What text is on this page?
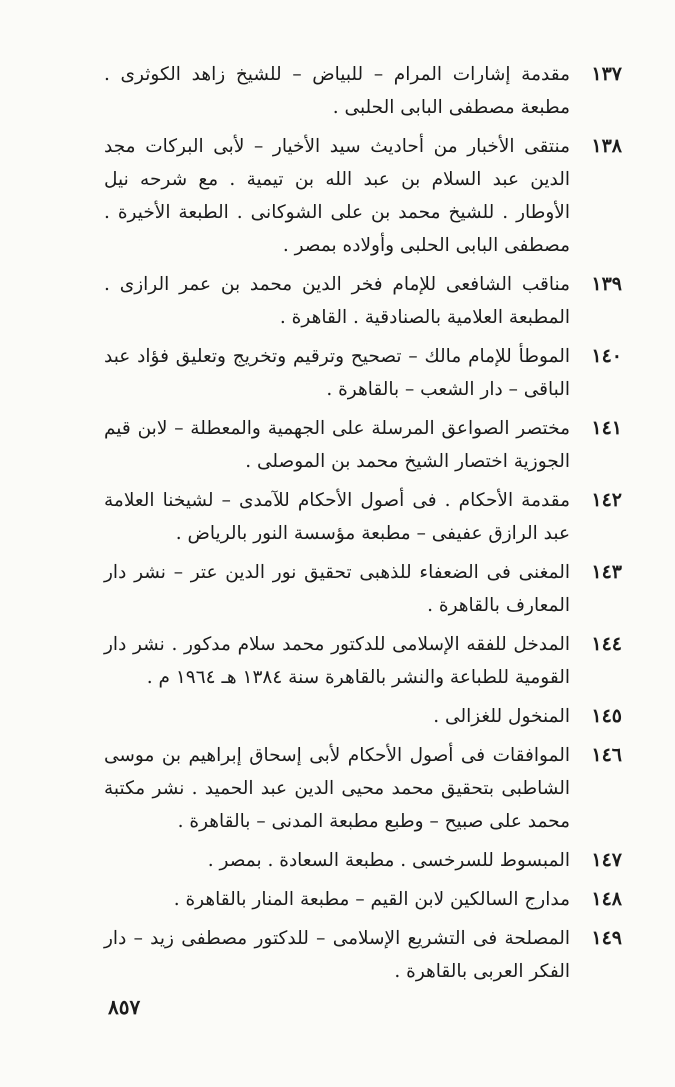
١٣٧
مقدمة إشارات المرام – للبياض – للشيخ زاهد الكوثرى . مطبعة مصطفى البابى الحلبى .
١٣٨
منتقى الأخبار من أحاديث سيد الأخيار – لأبى البركات مجد الدين عبد السلام بن عبد الله بن تيمية . مع شرحه نيل الأوطار . للشيخ محمد بن على الشوكانى . الطبعة الأخيرة . مصطفى البابى الحلبى وأولاده بمصر .
١٣٩
مناقب الشافعى للإمام فخر الدين محمد بن عمر الرازى . المطبعة العلامية بالصنادقية . القاهرة .
١٤٠
الموطأ للإمام مالك – تصحيح وترقيم وتخريج وتعليق فؤاد عبد الباقى – دار الشعب – بالقاهرة .
١٤١
مختصر الصواعق المرسلة على الجهمية والمعطلة – لابن قيم الجوزية اختصار الشيخ محمد بن الموصلى .
١٤٢
مقدمة الأحكام . فى أصول الأحكام للآمدى – لشيخنا العلامة عبد الرازق عفيفى – مطبعة مؤسسة النور بالرياض .
١٤٣
المغنى فى الضعفاء للذهبى تحقيق نور الدين عتر – نشر دار المعارف بالقاهرة .
١٤٤
المدخل للفقه الإسلامى للدكتور محمد سلام مدكور . نشر دار القومية للطباعة والنشر بالقاهرة سنة ١٣٨٤ هـ ١٩٦٤ م .
١٤٥
المنخول للغزالى .
١٤٦
الموافقات فى أصول الأحكام لأبى إسحاق إبراهيم بن موسى الشاطبى بتحقيق محمد محيى الدين عبد الحميد . نشر مكتبة محمد على صبيح – وطبع مطبعة المدنى – بالقاهرة .
١٤٧
المبسوط للسرخسى . مطبعة السعادة . بمصر .
١٤٨
مدارج السالكين لابن القيم – مطبعة المنار بالقاهرة .
١٤٩
المصلحة فى التشريع الإسلامى – للدكتور مصطفى زيد – دار الفكر العربى بالقاهرة .
٨٥٧
